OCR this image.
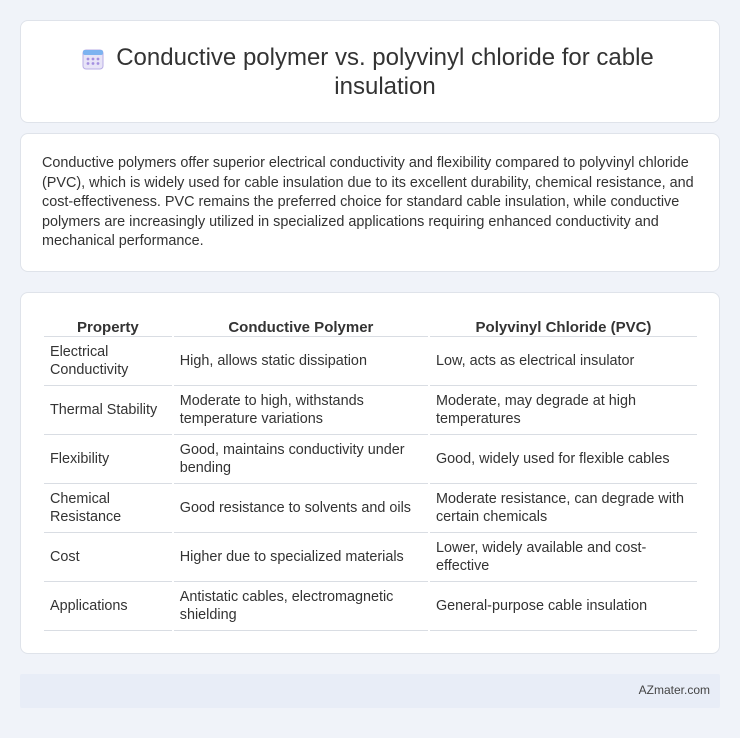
Conductive polymer vs. polyvinyl chloride for cable insulation

Conductive polymers offer superior electrical conductivity and flexibility compared to polyvinyl chloride (PVC), which is widely used for cable insulation due to its excellent durability, chemical resistance, and cost-effectiveness. PVC remains the preferred choice for standard cable insulation, while conductive polymers are increasingly utilized in specialized applications requiring enhanced conductivity and mechanical performance.

Property	Conductive Polymer	Polyvinyl Chloride (PVC)
Electrical Conductivity	High, allows static dissipation	Low, acts as electrical insulator
Thermal Stability	Moderate to high, withstands temperature variations	Moderate, may degrade at high temperatures
Flexibility	Good, maintains conductivity under bending	Good, widely used for flexible cables
Chemical Resistance	Good resistance to solvents and oils	Moderate resistance, can degrade with certain chemicals
Cost	Higher due to specialized materials	Lower, widely available and cost-effective
Applications	Antistatic cables, electromagnetic shielding	General-purpose cable insulation
AZmater.com
